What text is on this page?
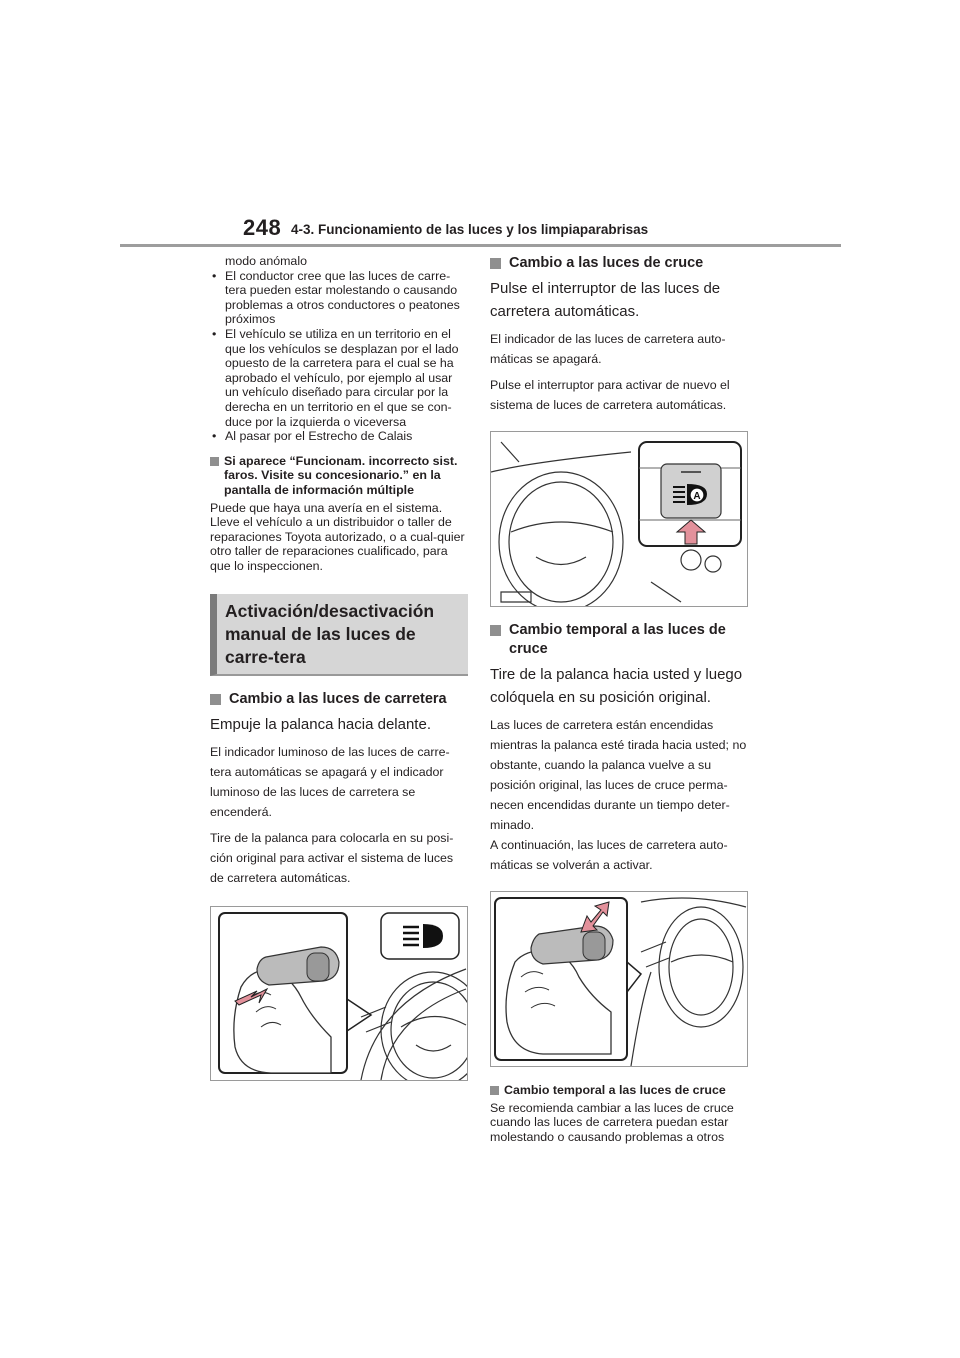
248 4-3. Funcionamiento de las luces y los limpiaparabrisas

modo anómalo

• El conductor cree que las luces de carre-tera pueden estar molestando o causando problemas a otros conductores o peatones próximos
• El vehículo se utiliza en un territorio en el que los vehículos se desplazan por el lado opuesto de la carretera para el cual se ha aprobado el vehículo, por ejemplo al usar un vehículo diseñado para circular por la derecha en un territorio en el que se con-duce por la izquierda o viceversa
• Al pasar por el Estrecho de Calais
Si aparece “Funcionam. incorrecto sist. faros. Visite su concesionario.” en la pantalla de información múltiple

Puede que haya una avería en el sistema. Lleve el vehículo a un distribuidor o taller de reparaciones Toyota autorizado, o a cual-quier otro taller de reparaciones cualificado, para que lo inspeccionen.

Activación/desactivación manual de las luces de carre-tera
Cambio a las luces de carretera

Empuje la palanca hacia delante.

El indicador luminoso de las luces de carre-tera automáticas se apagará y el indicador luminoso de las luces de carretera se encenderá.

Tire de la palanca para colocarla en su posi-ción original para activar el sistema de luces de carretera automáticas.

Cambio a las luces de cruce

Pulse el interruptor de las luces de carretera automáticas.

El indicador de las luces de carretera auto-máticas se apagará.

Pulse el interruptor para activar de nuevo el sistema de luces de carretera automáticas.

A
Cambio temporal a las luces de cruce

Tire de la palanca hacia usted y luego colóquela en su posición original.

Las luces de carretera están encendidas mientras la palanca esté tirada hacia usted; no obstante, cuando la palanca vuelve a su posición original, las luces de cruce perma-necen encendidas durante un tiempo deter-minado.

A continuación, las luces de carretera auto-máticas se volverán a activar.

Cambio temporal a las luces de cruce

Se recomienda cambiar a las luces de cruce cuando las luces de carretera puedan estar molestando o causando problemas a otros
